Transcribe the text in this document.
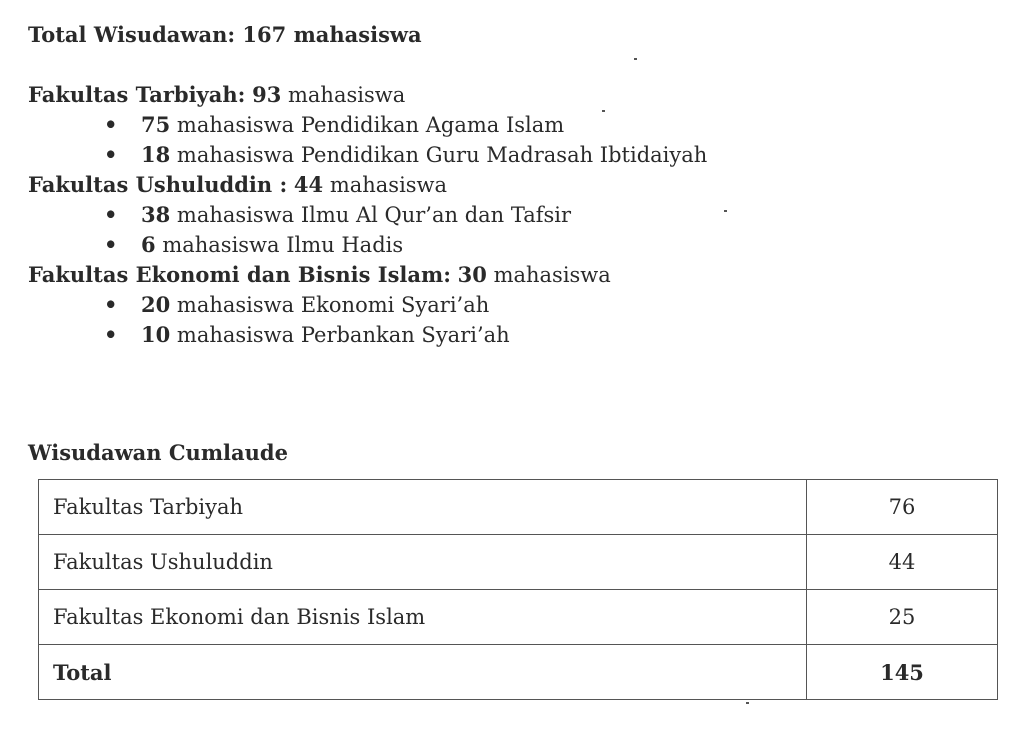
Total Wisudawan: 167 mahasiswa
Fakultas Tarbiyah: 93 mahasiswa
• 75 mahasiswa Pendidikan Agama Islam
• 18 mahasiswa Pendidikan Guru Madrasah Ibtidaiyah
Fakultas Ushuluddin : 44 mahasiswa
• 38 mahasiswa Ilmu Al Qur’an dan Tafsir
• 6 mahasiswa Ilmu Hadis
Fakultas Ekonomi dan Bisnis Islam: 30 mahasiswa
• 20 mahasiswa Ekonomi Syari’ah
• 10 mahasiswa Perbankan Syari’ah
Wisudawan Cumlaude
Fakultas Tarbiyah	76
Fakultas Ushuluddin	44
Fakultas Ekonomi dan Bisnis Islam	25
Total	145
